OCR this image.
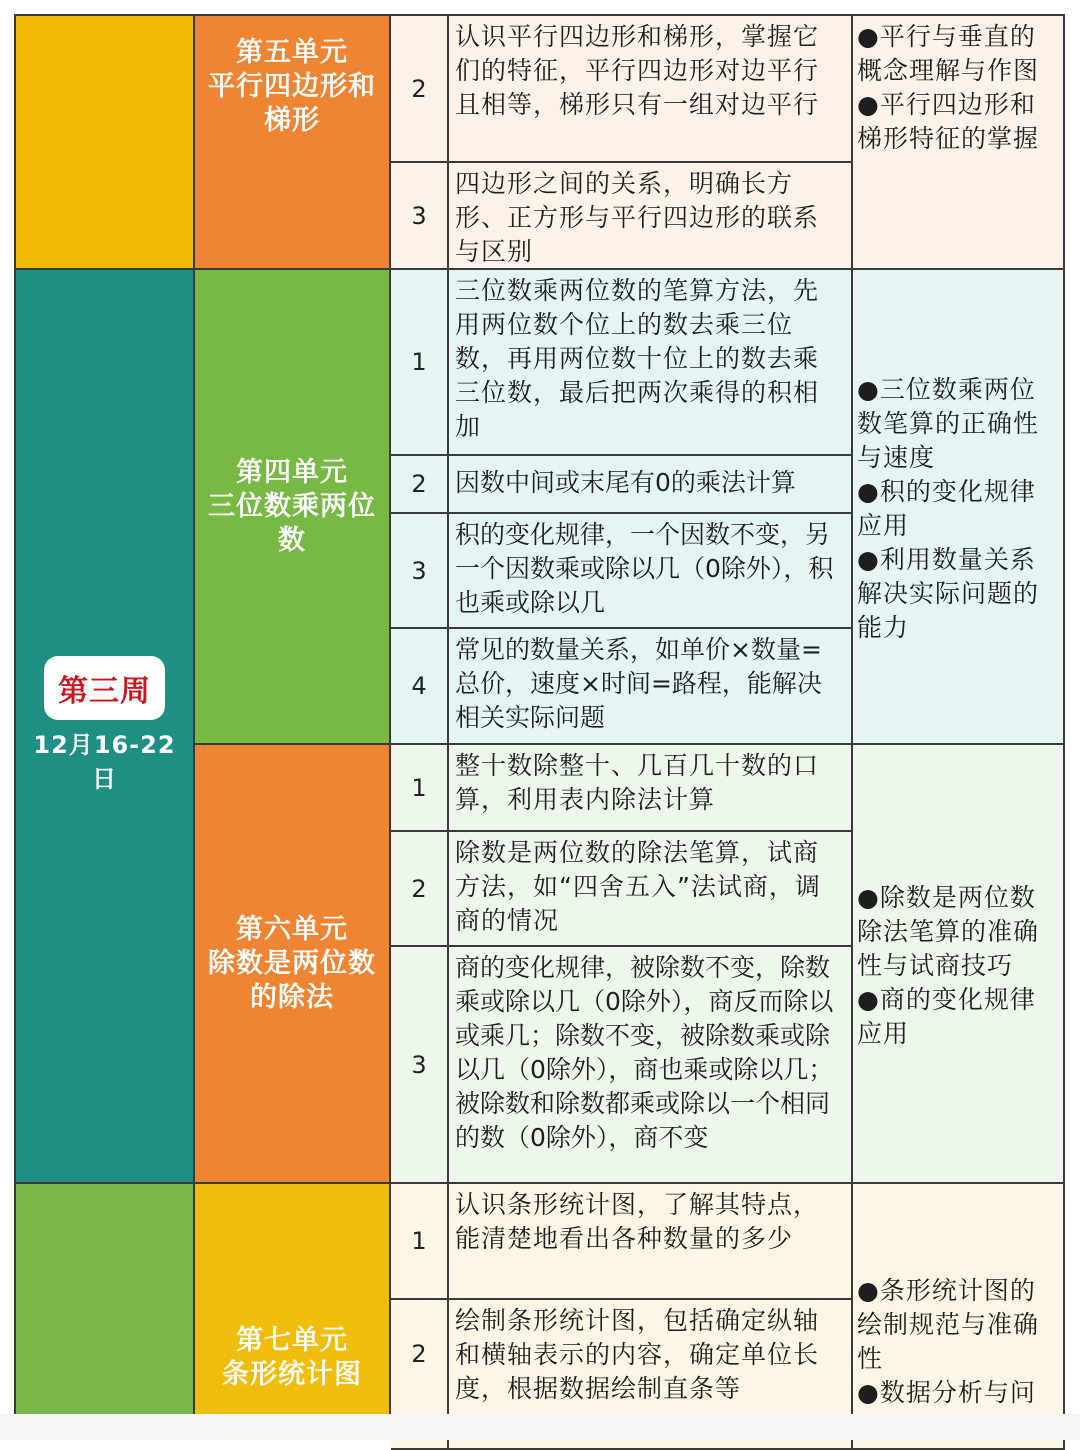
第三周
12月16-22日
第五单元
平行四边形和
梯形
2
认识平行四边形和梯形，掌握它们的特征，平行四边形对边平行且相等，梯形只有一组对边平行
3
四边形之间的关系，明确长方形、正方形与平行四边形的联系与区别
●平行与垂直的概念理解与作图
●平行四边形和梯形特征的掌握
第四单元
三位数乘两位
数
1
三位数乘两位数的笔算方法，先用两位数个位上的数去乘三位数，再用两位数十位上的数去乘三位数，最后把两次乘得的积相加
2 因数中间或末尾有0的乘法计算
3
积的变化规律，一个因数不变，另一个因数乘或除以几（0除外），积也乘或除以几
4
常见的数量关系，如单价×数量=总价，速度×时间=路程，能解决相关实际问题
●三位数乘两位数笔算的正确性与速度
●积的变化规律应用
●利用数量关系解决实际问题的能力
第六单元
除数是两位数
的除法
1
整十数除整十、几百几十数的口算，利用表内除法计算
2
除数是两位数的除法笔算，试商方法，如“四舍五入”法试商，调商的情况
3
商的变化规律，被除数不变，除数乘或除以几（0除外），商反而除以或乘几；除数不变，被除数乘或除以几（0除外），商也乘或除以几；被除数和除数都乘或除以一个相同的数（0除外），商不变
●除数是两位数除法笔算的准确性与试商技巧
●商的变化规律应用
第七单元
条形统计图
1
认识条形统计图，了解其特点，能清楚地看出各种数量的多少
2
绘制条形统计图，包括确定纵轴和横轴表示的内容，确定单位长度，根据数据绘制直条等
●条形统计图的绘制规范与准确性
●数据分析与问
